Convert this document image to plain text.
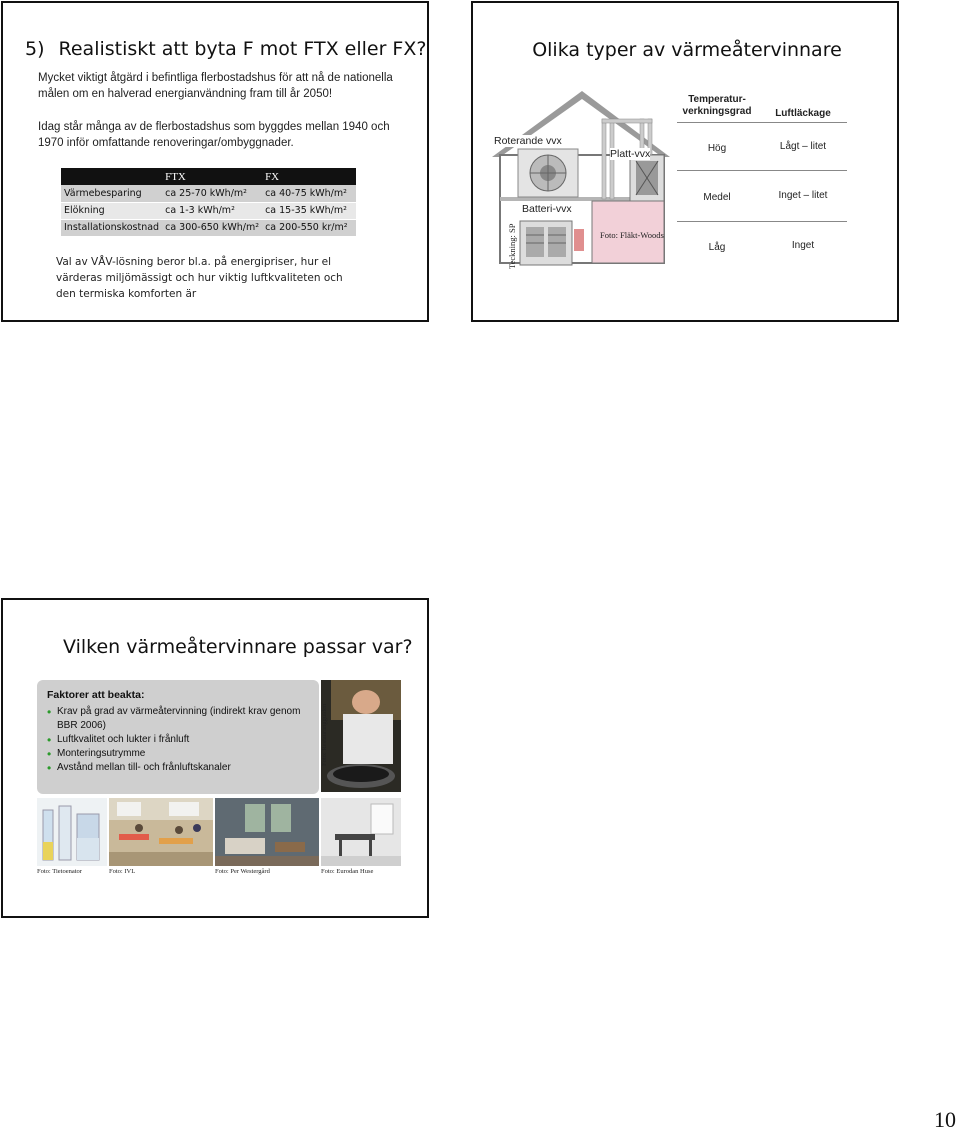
5) Realistiskt att byta F mot FTX eller FX?
Mycket viktigt åtgärd i befintliga flerbostadshus för att nå de nationella målen om en halverad energianvändning fram till år 2050!
Idag står många av de flerbostadshus som byggdes mellan 1940 och 1970 inför omfattande renoveringar/ombyggnader.
	FTX	FX
Värmebesparing	ca 25-70 kWh/m²	ca 40-75 kWh/m²
Elökning	ca 1-3 kWh/m²	ca 15-35 kWh/m²
Installationskostnad	ca 300-650 kWh/m²	ca 200-550 kr/m²
Val av VÅV-lösning beror bl.a. på energipriser, hur el värderas miljömässigt och hur viktig luftkvaliteten och den termiska komforten är
Olika typer av värmeåtervinnare
Roterande vvx
Platt-vvx
Batteri-vvx
Foto: Fläkt-Woods
Teckning: SP
Temperatur-verkningsgrad	Luftläckage
Hög	Lågt – litet
Medel	Inget – litet
Låg	Inget
Vilken värmeåtervinnare passar var?
Faktorer att beakta:
• Krav på grad av värmeåtervinning (indirekt krav genom BBR 2006)
• Luftkvalitet och lukter i frånluft
• Monteringsutrymme
• Avstånd mellan till- och frånluftskanaler
Foto: Restaurangguiden
Foto: Tietoenator	Foto: IVL	Foto: Per Westergård	Foto: Eurodan Huse
10
